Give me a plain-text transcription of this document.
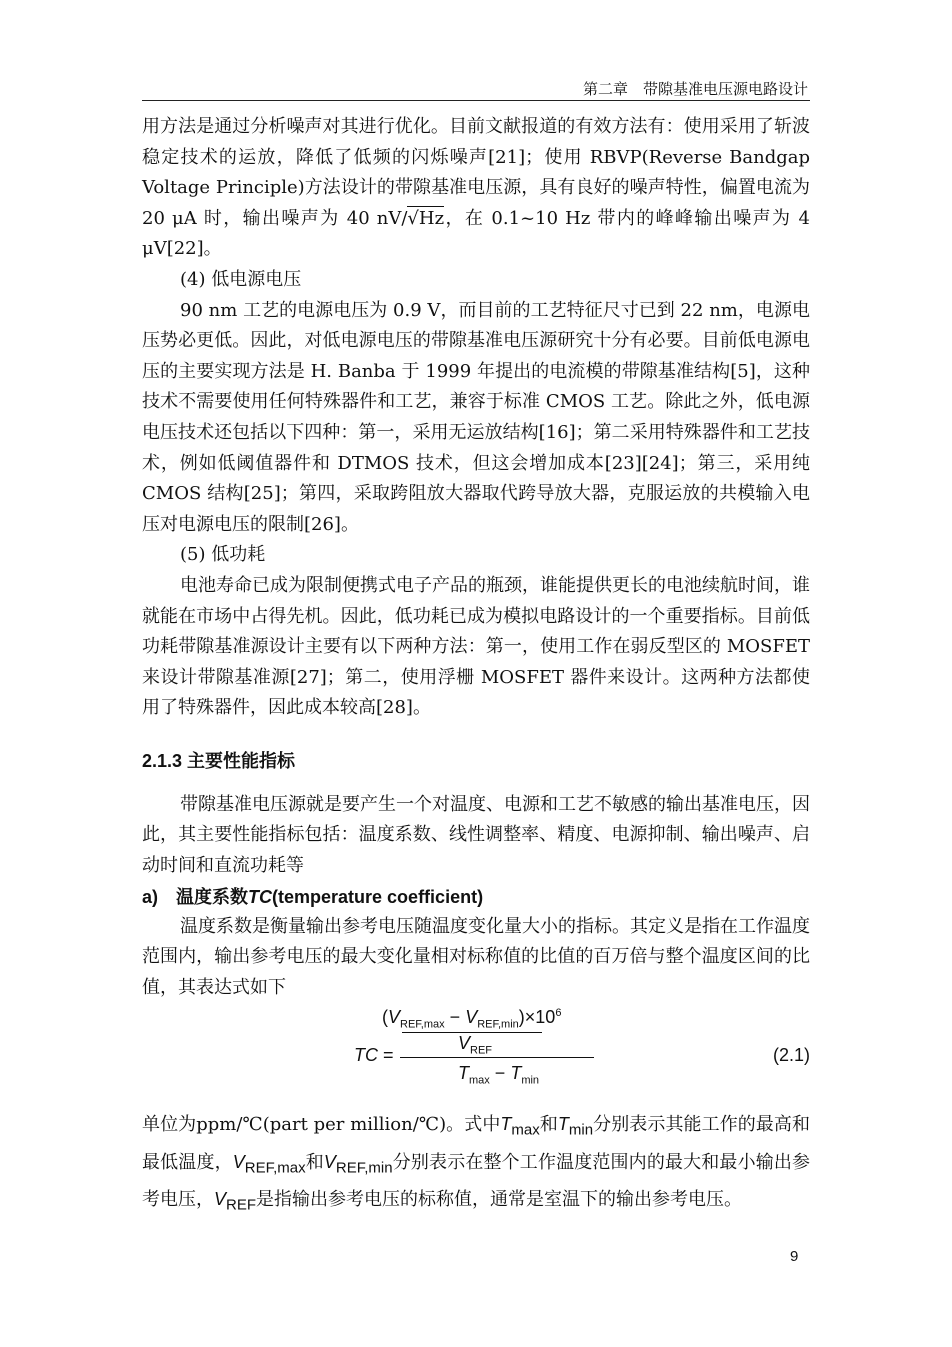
第二章　带隙基准电压源电路设计

用方法是通过分析噪声对其进行优化。目前文献报道的有效方法有：使用采用了斩波稳定技术的运放，降低了低频的闪烁噪声[21]；使用 RBVP(Reverse Bandgap Voltage Principle)方法设计的带隙基准电压源，具有良好的噪声特性，偏置电流为 20 μA 时，输出噪声为 40 nV/√Hz，在 0.1~10 Hz 带内的峰峰输出噪声为 4 μV[22]。

(4) 低电源电压

90 nm 工艺的电源电压为 0.9 V，而目前的工艺特征尺寸已到 22 nm，电源电压势必更低。因此，对低电源电压的带隙基准电压源研究十分有必要。目前低电源电压的主要实现方法是 H. Banba 于 1999 年提出的电流模的带隙基准结构[5]，这种技术不需要使用任何特殊器件和工艺，兼容于标准 CMOS 工艺。除此之外，低电源电压技术还包括以下四种：第一，采用无运放结构[16]；第二采用特殊器件和工艺技术，例如低阈值器件和 DTMOS 技术，但这会增加成本[23][24]；第三，采用纯 CMOS 结构[25]；第四，采取跨阻放大器取代跨导放大器，克服运放的共模输入电压对电源电压的限制[26]。

(5) 低功耗

电池寿命已成为限制便携式电子产品的瓶颈，谁能提供更长的电池续航时间，谁就能在市场中占得先机。因此，低功耗已成为模拟电路设计的一个重要指标。目前低功耗带隙基准源设计主要有以下两种方法：第一，使用工作在弱反型区的 MOSFET 来设计带隙基准源[27]；第二，使用浮栅 MOSFET 器件来设计。这两种方法都使用了特殊器件，因此成本较高[28]。

2.1.3 主要性能指标

带隙基准电压源就是要产生一个对温度、电源和工艺不敏感的输出基准电压，因此，其主要性能指标包括：温度系数、线性调整率、精度、电源抑制、输出噪声、启动时间和直流功耗等

a)　温度系数TC(temperature coefficient)

温度系数是衡量输出参考电压随温度变化量大小的指标。其定义是指在工作温度范围内，输出参考电压的最大变化量相对标称值的比值的百万倍与整个温度区间的比值，其表达式如下

TC =
$(V_{REF,max} - V_{REF,min})\times 10^6$
$V_{REF}$
$T_{max} - T_{min}$
(2.1)

单位为ppm/℃(part per million/℃)。式中$T_{max}$和$T_{min}$分别表示其能工作的最高和最低温度，$V_{REF,max}$和$V_{REF,min}$分别表示在整个工作温度范围内的最大和最小输出参考电压，$V_{REF}$是指输出参考电压的标称值，通常是室温下的输出参考电压。

9
